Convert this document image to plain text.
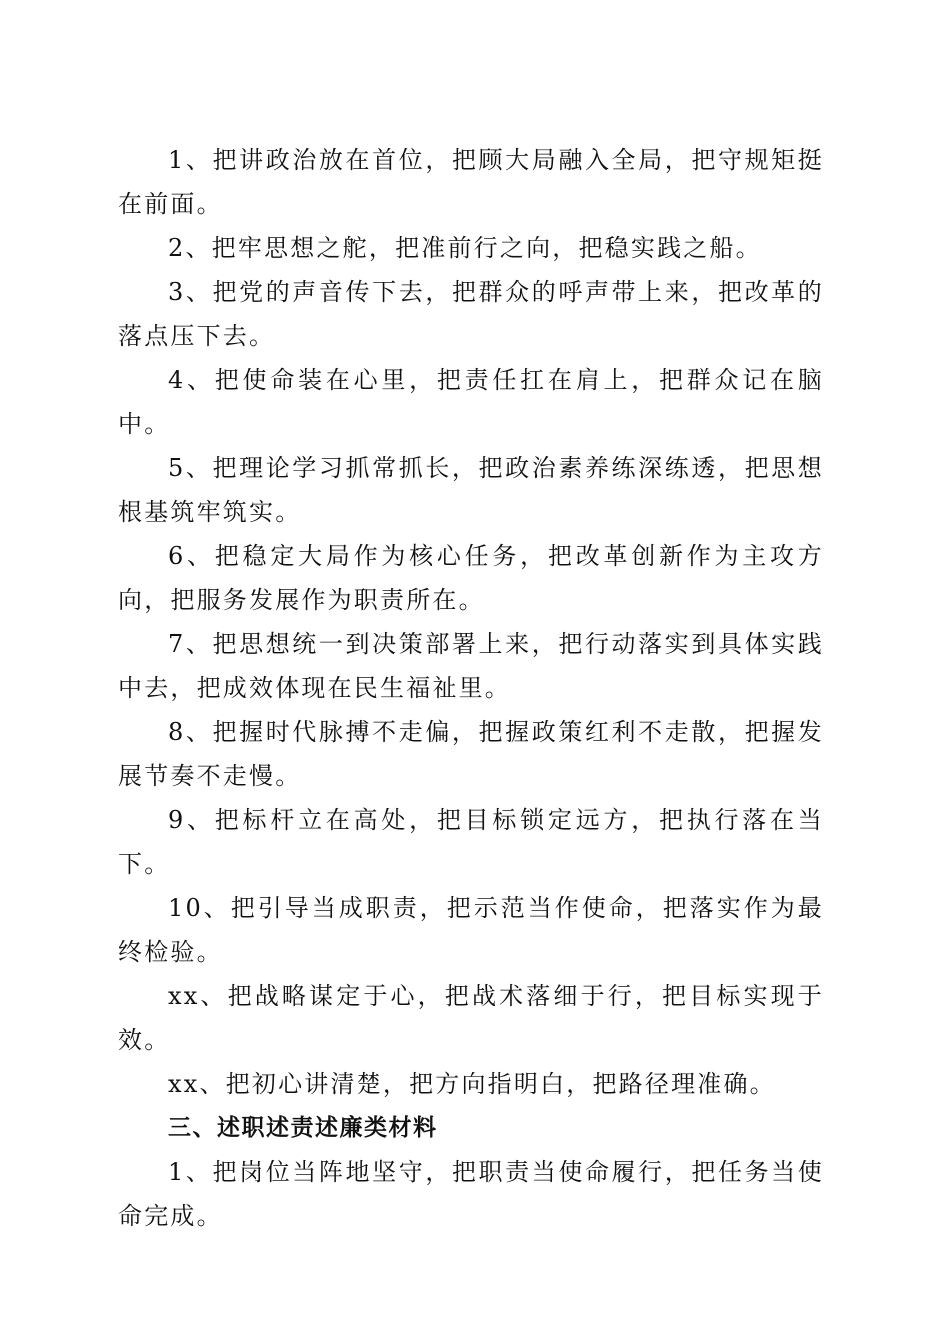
1、把讲政治放在首位，把顾大局融入全局，把守规矩挺在前面。

2、把牢思想之舵，把准前行之向，把稳实践之船。

3、把党的声音传下去，把群众的呼声带上来，把改革的落点压下去。

4、把使命装在心里，把责任扛在肩上，把群众记在脑中。

5、把理论学习抓常抓长，把政治素养练深练透，把思想根基筑牢筑实。

6、把稳定大局作为核心任务，把改革创新作为主攻方向，把服务发展作为职责所在。

7、把思想统一到决策部署上来，把行动落实到具体实践中去，把成效体现在民生福祉里。

8、把握时代脉搏不走偏，把握政策红利不走散，把握发展节奏不走慢。

9、把标杆立在高处，把目标锁定远方，把执行落在当下。

10、把引导当成职责，把示范当作使命，把落实作为最终检验。

xx、把战略谋定于心，把战术落细于行，把目标实现于效。

xx、把初心讲清楚，把方向指明白，把路径理准确。

三、述职述责述廉类材料

1、把岗位当阵地坚守，把职责当使命履行，把任务当使命完成。
